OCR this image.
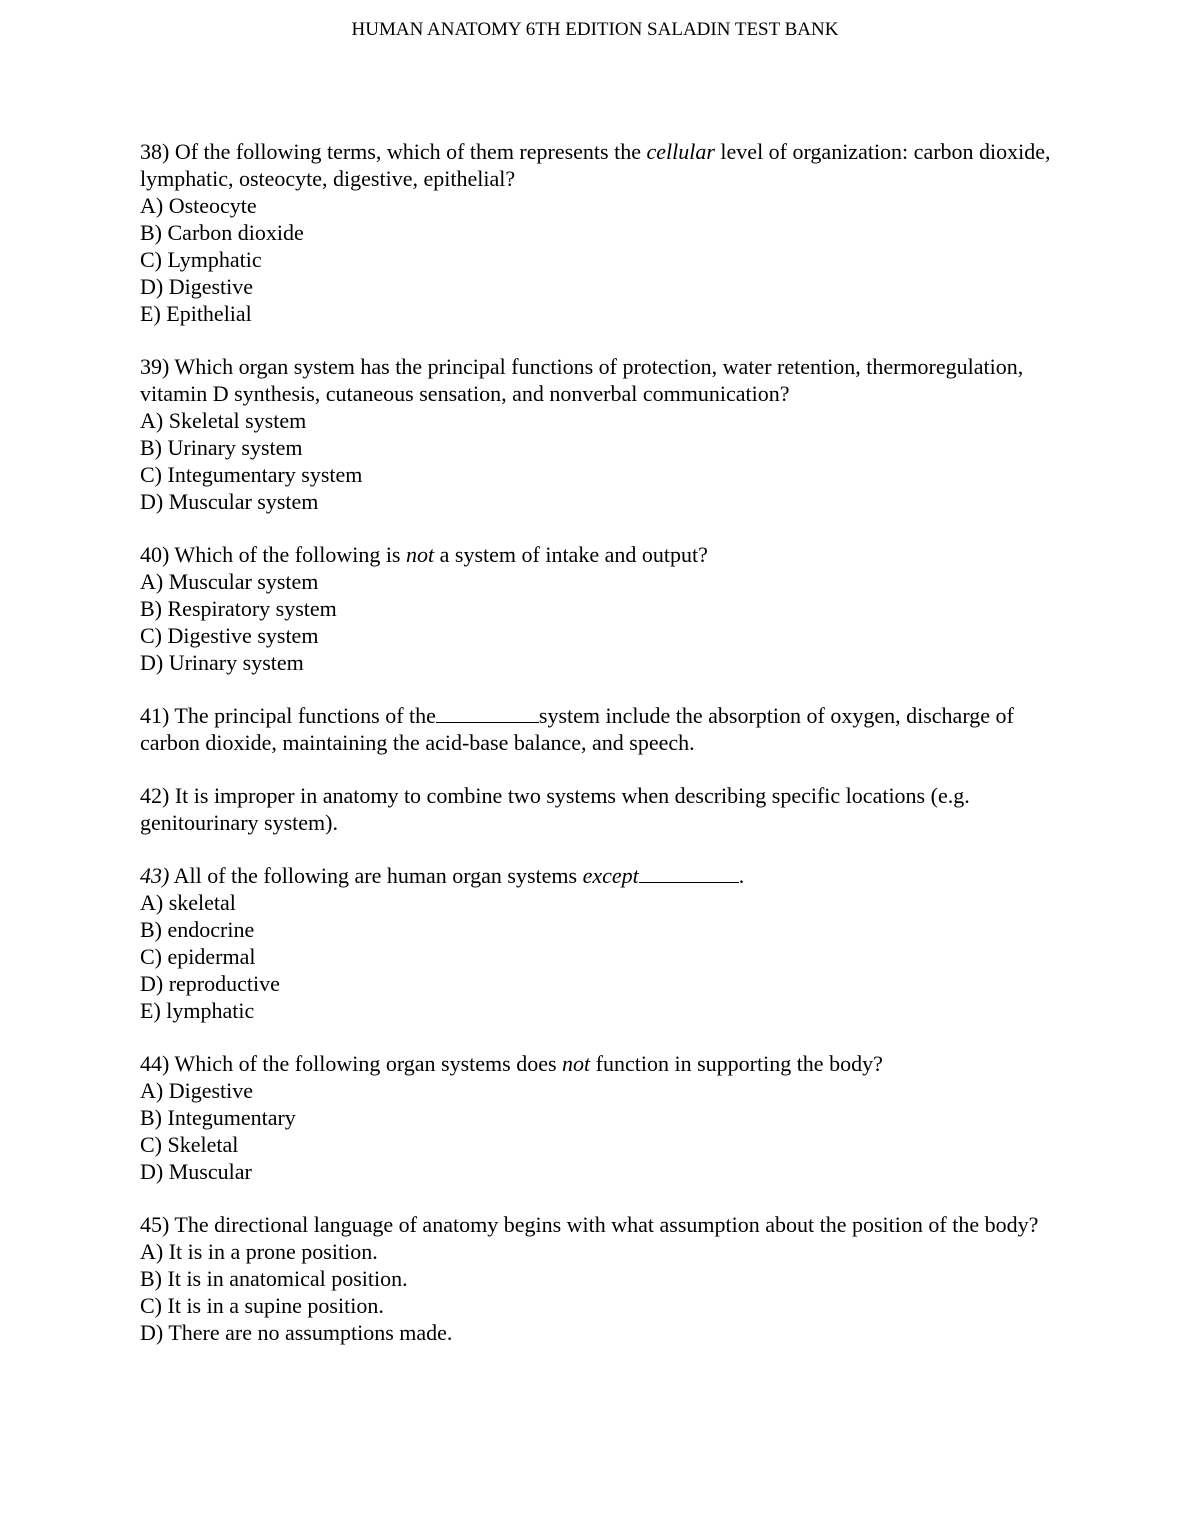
HUMAN ANATOMY 6TH EDITION SALADIN TEST BANK

38) Of the following terms, which of them represents the cellular level of organization: carbon dioxide, lymphatic, osteocyte, digestive, epithelial?

A) Osteocyte
B) Carbon dioxide
C) Lymphatic
D) Digestive
E) Epithelial

39) Which organ system has the principal functions of protection, water retention, thermoregulation, vitamin D synthesis, cutaneous sensation, and nonverbal communication?

A) Skeletal system
B) Urinary system
C) Integumentary system
D) Muscular system

40) Which of the following is not a system of intake and output?

A) Muscular system
B) Respiratory system
C) Digestive system
D) Urinary system

41) The principal functions of the	system include the absorption of oxygen, discharge of carbon dioxide, maintaining the acid-base balance, and speech.

42) It is improper in anatomy to combine two systems when describing specific locations (e.g. genitourinary system).

43) All of the following are human organ systems except	.

A) skeletal
B) endocrine
C) epidermal
D) reproductive
E) lymphatic

44) Which of the following organ systems does not function in supporting the body?

A) Digestive
B) Integumentary
C) Skeletal
D) Muscular

45) The directional language of anatomy begins with what assumption about the position of the body?

A) It is in a prone position.
B) It is in anatomical position.
C) It is in a supine position.
D) There are no assumptions made.
